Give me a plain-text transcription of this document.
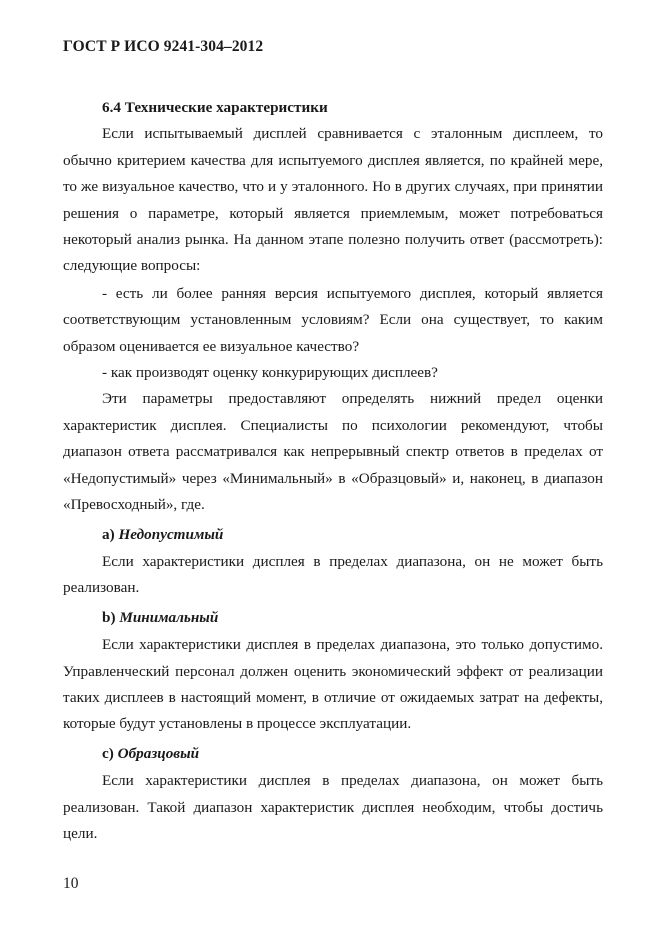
ГОСТ Р ИСО 9241-304–2012

6.4 Технические характеристики

Если испытываемый дисплей сравнивается с эталонным дисплеем, то обычно критерием качества для испытуемого дисплея является, по крайней мере, то же визуальное качество, что и у эталонного. Но в других случаях, при принятии решения о параметре, который является приемлемым, может потребоваться некоторый анализ рынка. На данном этапе полезно получить ответ (рассмотреть): следующие вопросы:

- есть ли более ранняя версия испытуемого дисплея, который является соответствующим установленным условиям? Если она существует, то каким образом оценивается ее визуальное качество?

- как производят оценку конкурирующих дисплеев?

Эти параметры предоставляют определять нижний предел оценки характеристик дисплея. Специалисты по психологии рекомендуют, чтобы диапазон ответа рассматривался как непрерывный спектр ответов в пределах от «Недопустимый» через «Минимальный» в «Образцовый» и, наконец, в диапазон «Превосходный», где.

a) Недопустимый

Если характеристики дисплея в пределах диапазона, он не может быть реализован.

b) Минимальный

Если характеристики дисплея в пределах диапазона, это только допустимо. Управленческий персонал должен оценить экономический эффект от реализации таких дисплеев в настоящий момент, в отличие от ожидаемых затрат на дефекты, которые будут установлены в процессе эксплуатации.

c) Образцовый

Если характеристики дисплея в пределах диапазона, он может быть реализован. Такой диапазон характеристик дисплея необходим, чтобы достичь цели.

10
